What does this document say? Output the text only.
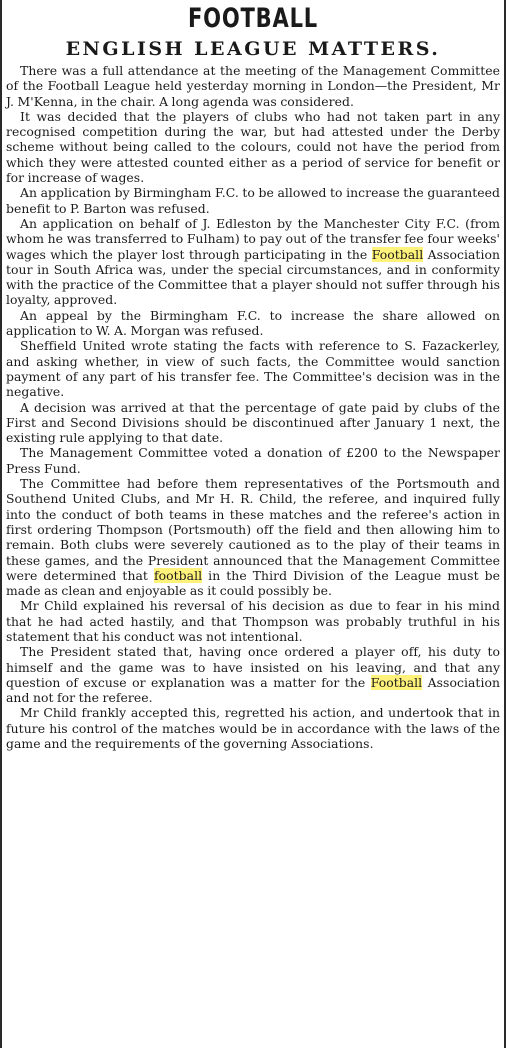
FOOTBALL
ENGLISH LEAGUE MATTERS.

There was a full attendance at the meeting of the Management Committee of the Football League held yesterday morning in London—the President, Mr J. M'Kenna, in the chair. A long agenda was considered.

It was decided that the players of clubs who had not taken part in any recognised competition during the war, but had attested under the Derby scheme without being called to the colours, could not have the period from which they were attested counted either as a period of service for benefit or for increase of wages.

An application by Birmingham F.C. to be allowed to increase the guaranteed benefit to P. Barton was refused.

An application on behalf of J. Edleston by the Manchester City F.C. (from whom he was transferred to Fulham) to pay out of the transfer fee four weeks' wages which the player lost through participating in the Football Association tour in South Africa was, under the special circumstances, and in conformity with the practice of the Committee that a player should not suffer through his loyalty, approved.

An appeal by the Birmingham F.C. to increase the share allowed on application to W. A. Morgan was refused.

Sheffield United wrote stating the facts with reference to S. Fazackerley, and asking whether, in view of such facts, the Committee would sanction payment of any part of his transfer fee. The Committee's decision was in the negative.

A decision was arrived at that the percentage of gate paid by clubs of the First and Second Divisions should be discontinued after January 1 next, the existing rule applying to that date.

The Management Committee voted a donation of £200 to the Newspaper Press Fund.

The Committee had before them representatives of the Portsmouth and Southend United Clubs, and Mr H. R. Child, the referee, and inquired fully into the conduct of both teams in these matches and the referee's action in first ordering Thompson (Portsmouth) off the field and then allowing him to remain. Both clubs were severely cautioned as to the play of their teams in these games, and the President announced that the Management Committee were determined that football in the Third Division of the League must be made as clean and enjoyable as it could possibly be.

Mr Child explained his reversal of his decision as due to fear in his mind that he had acted hastily, and that Thompson was probably truthful in his statement that his conduct was not intentional.

The President stated that, having once ordered a player off, his duty to himself and the game was to have insisted on his leaving, and that any question of excuse or explanation was a matter for the Football Association and not for the referee.

Mr Child frankly accepted this, regretted his action, and undertook that in future his control of the matches would be in accordance with the laws of the game and the requirements of the governing Associations.
